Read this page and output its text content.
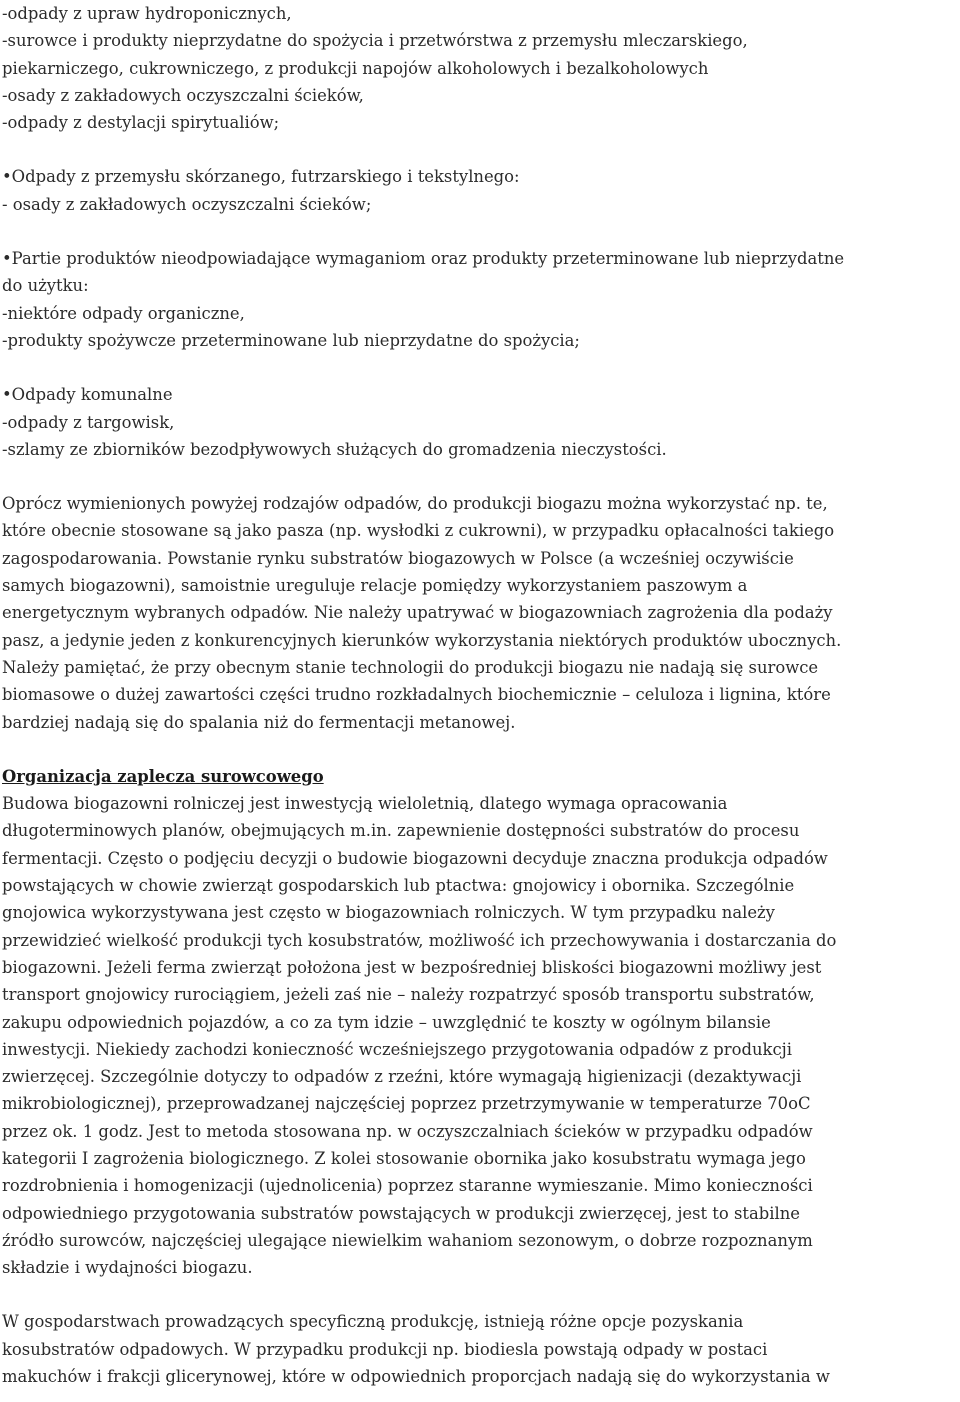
-odpady z upraw hydroponicznych,
-surowce i produkty nieprzydatne do spożycia i przetwórstwa z przemysłu mleczarskiego,
piekarniczego, cukrowniczego, z produkcji napojów alkoholowych i bezalkoholowych
-osady z zakładowych oczyszczalni ścieków,
-odpady z destylacji spirytualiów;
•Odpady z przemysłu skórzanego, futrzarskiego i tekstylnego:
- osady z zakładowych oczyszczalni ścieków;
•Partie produktów nieodpowiadające wymaganiom oraz produkty przeterminowane lub nieprzydatne
do użytku:
-niektóre odpady organiczne,
-produkty spożywcze przeterminowane lub nieprzydatne do spożycia;
•Odpady komunalne
-odpady z targowisk,
-szlamy ze zbiorników bezodpływowych służących do gromadzenia nieczystości.
Oprócz wymienionych powyżej rodzajów odpadów, do produkcji biogazu można wykorzystać np. te,
które obecnie stosowane są jako pasza (np. wysłodki z cukrowni), w przypadku opłacalności takiego
zagospodarowania. Powstanie rynku substratów biogazowych w Polsce (a wcześniej oczywiście
samych biogazowni), samoistnie ureguluje relacje pomiędzy wykorzystaniem paszowym a
energetycznym wybranych odpadów. Nie należy upatrywać w biogazowniach zagrożenia dla podaży
pasz, a jedynie jeden z konkurencyjnych kierunków wykorzystania niektórych produktów ubocznych.
Należy pamiętać, że przy obecnym stanie technologii do produkcji biogazu nie nadają się surowce
biomasowe o dużej zawartości części trudno rozkładalnych biochemicznie – celuloza i lignina, które
bardziej nadają się do spalania niż do fermentacji metanowej.
Organizacja zaplecza surowcowego
Budowa biogazowni rolniczej jest inwestycją wieloletnią, dlatego wymaga opracowania
długoterminowych planów, obejmujących m.in. zapewnienie dostępności substratów do procesu
fermentacji. Często o podjęciu decyzji o budowie biogazowni decyduje znaczna produkcja odpadów
powstających w chowie zwierząt gospodarskich lub ptactwa: gnojowicy i obornika. Szczególnie
gnojowica wykorzystywana jest często w biogazowniach rolniczych. W tym przypadku należy
przewidzieć wielkość produkcji tych kosubstratów, możliwość ich przechowywania i dostarczania do
biogazowni. Jeżeli ferma zwierząt położona jest w bezpośredniej bliskości biogazowni możliwy jest
transport gnojowicy rurociągiem, jeżeli zaś nie – należy rozpatrzyć sposób transportu substratów,
zakupu odpowiednich pojazdów, a co za tym idzie – uwzględnić te koszty w ogólnym bilansie
inwestycji. Niekiedy zachodzi konieczność wcześniejszego przygotowania odpadów z produkcji
zwierzęcej. Szczególnie dotyczy to odpadów z rzeźni, które wymagają higienizacji (dezaktywacji
mikrobiologicznej), przeprowadzanej najczęściej poprzez przetrzymywanie w temperaturze 70oC
przez ok. 1 godz. Jest to metoda stosowana np. w oczyszczalniach ścieków w przypadku odpadów
kategorii I zagrożenia biologicznego. Z kolei stosowanie obornika jako kosubstratu wymaga jego
rozdrobnienia i homogenizacji (ujednolicenia) poprzez staranne wymieszanie. Mimo konieczności
odpowiedniego przygotowania substratów powstających w produkcji zwierzęcej, jest to stabilne
źródło surowców, najczęściej ulegające niewielkim wahaniom sezonowym, o dobrze rozpoznanym
składzie i wydajności biogazu.
W gospodarstwach prowadzących specyficzną produkcję, istnieją różne opcje pozyskania
kosubstratów odpadowych. W przypadku produkcji np. biodiesla powstają odpady w postaci
makuchów i frakcji glicerynowej, które w odpowiednich proporcjach nadają się do wykorzystania w
